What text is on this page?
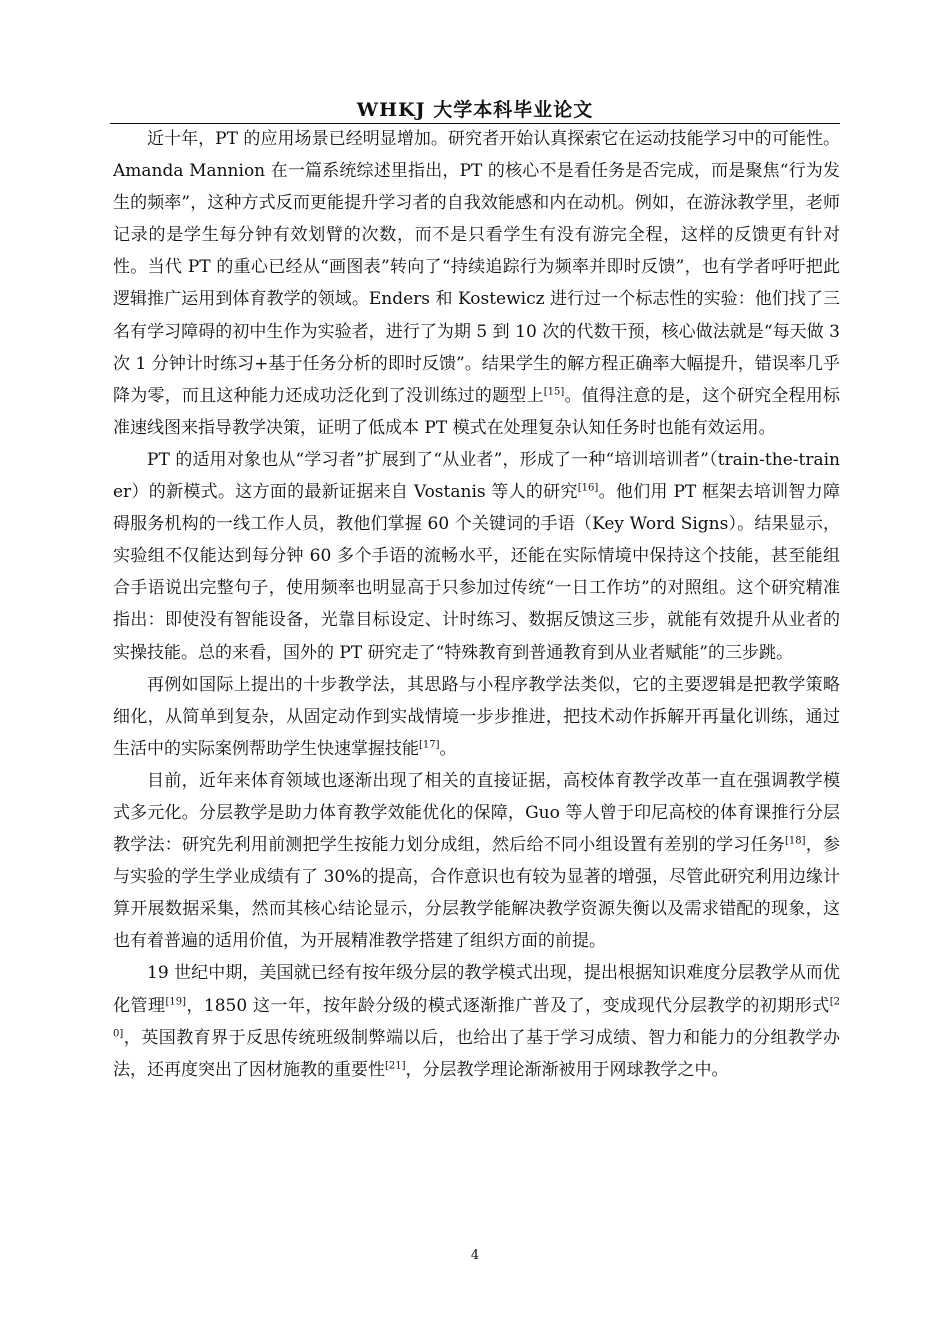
WHKJ 大学本科毕业论文

近十年，PT 的应用场景已经明显增加。研究者开始认真探索它在运动技能学习中的可能性。Amanda Mannion 在一篇系统综述里指出，PT 的核心不是看任务是否完成，而是聚焦“行为发生的频率”，这种方式反而更能提升学习者的自我效能感和内在动机。例如，在游泳教学里，老师记录的是学生每分钟有效划臂的次数，而不是只看学生有没有游完全程，这样的反馈更有针对性。当代 PT 的重心已经从“画图表”转向了“持续追踪行为频率并即时反馈”，也有学者呼吁把此逻辑推广运用到体育教学的领域。Enders 和 Kostewicz 进行过一个标志性的实验：他们找了三名有学习障碍的初中生作为实验者，进行了为期 5 到 10 次的代数干预，核心做法就是“每天做 3 次 1 分钟计时练习+基于任务分析的即时反馈”。结果学生的解方程正确率大幅提升，错误率几乎降为零，而且这种能力还成功泛化到了没训练过的题型上[15]。值得注意的是，这个研究全程用标准速线图来指导教学决策，证明了低成本 PT 模式在处理复杂认知任务时也能有效运用。

PT 的适用对象也从“学习者”扩展到了“从业者”，形成了一种“培训培训者”（train-the-trainer）的新模式。这方面的最新证据来自 Vostanis 等人的研究[16]。他们用 PT 框架去培训智力障碍服务机构的一线工作人员，教他们掌握 60 个关键词的手语（Key Word Signs）。结果显示，实验组不仅能达到每分钟 60 多个手语的流畅水平，还能在实际情境中保持这个技能，甚至能组合手语说出完整句子，使用频率也明显高于只参加过传统“一日工作坊”的对照组。这个研究精准指出：即使没有智能设备，光靠目标设定、计时练习、数据反馈这三步，就能有效提升从业者的实操技能。总的来看，国外的 PT 研究走了“特殊教育到普通教育到从业者赋能”的三步跳。

再例如国际上提出的十步教学法，其思路与小程序教学法类似，它的主要逻辑是把教学策略细化，从简单到复杂，从固定动作到实战情境一步步推进，把技术动作拆解开再量化训练，通过生活中的实际案例帮助学生快速掌握技能[17]。

目前，近年来体育领域也逐渐出现了相关的直接证据，高校体育教学改革一直在强调教学模式多元化。分层教学是助力体育教学效能优化的保障，Guo 等人曾于印尼高校的体育课推行分层教学法：研究先利用前测把学生按能力划分成组，然后给不同小组设置有差别的学习任务[18]，参与实验的学生学业成绩有了 30%的提高，合作意识也有较为显著的增强，尽管此研究利用边缘计算开展数据采集，然而其核心结论显示，分层教学能解决教学资源失衡以及需求错配的现象，这也有着普遍的适用价值，为开展精准教学搭建了组织方面的前提。

19 世纪中期，美国就已经有按年级分层的教学模式出现，提出根据知识难度分层教学从而优化管理[19]，1850 这一年，按年龄分级的模式逐渐推广普及了，变成现代分层教学的初期形式[20]，英国教育界于反思传统班级制弊端以后，也给出了基于学习成绩、智力和能力的分组教学办法，还再度突出了因材施教的重要性[21]，分层教学理论渐渐被用于网球教学之中。

4
